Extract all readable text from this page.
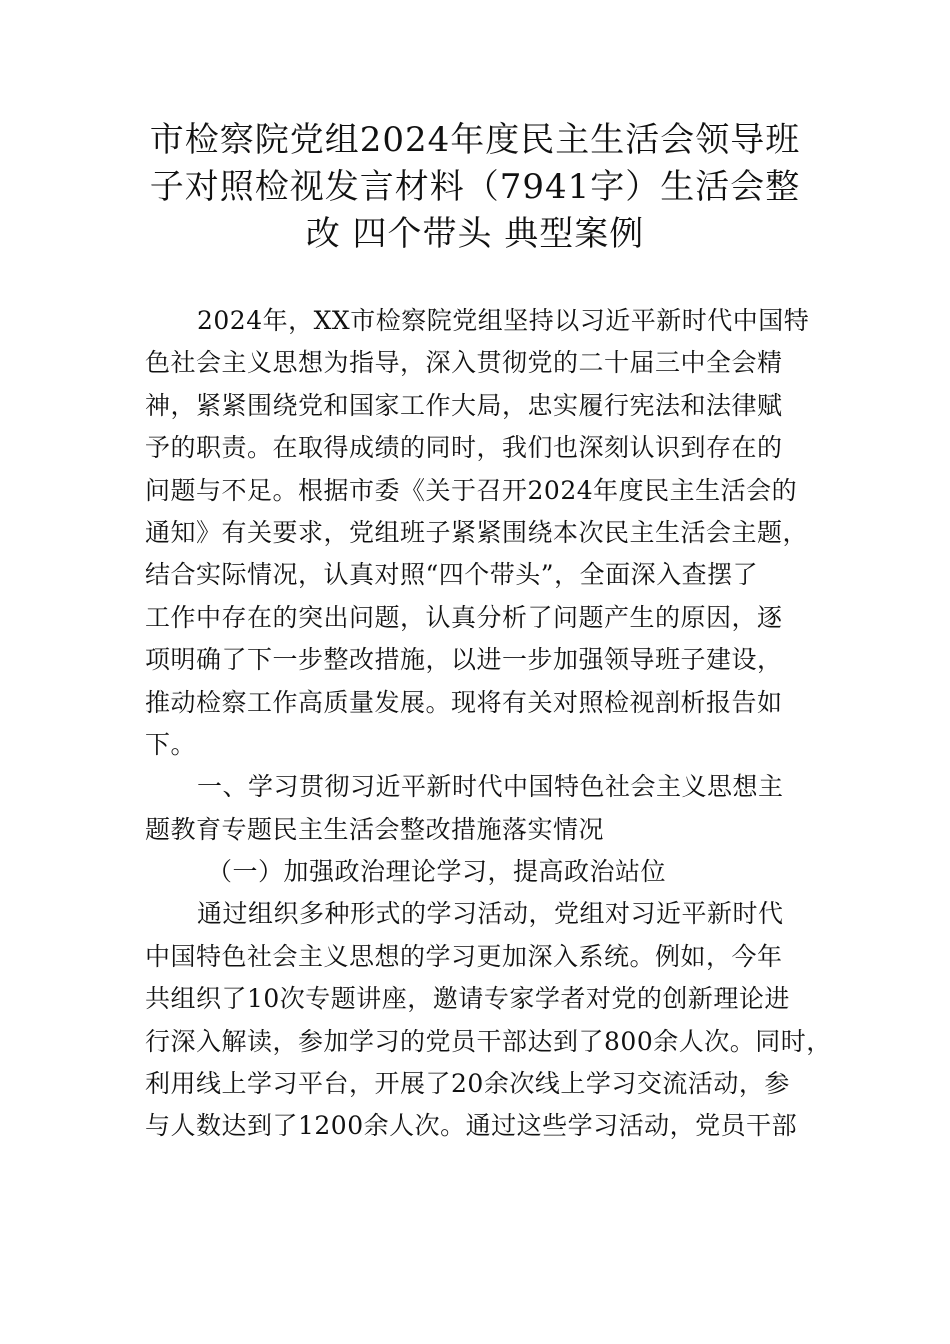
市检察院党组2024年度民主生活会领导班
子对照检视发言材料（7941字）生活会整
改 四个带头 典型案例
2024年，XX市检察院党组坚持以习近平新时代中国特
色社会主义思想为指导，深入贯彻党的二十届三中全会精
神，紧紧围绕党和国家工作大局，忠实履行宪法和法律赋
予的职责。在取得成绩的同时，我们也深刻认识到存在的
问题与不足。根据市委《关于召开2024年度民主生活会的
通知》有关要求，党组班子紧紧围绕本次民主生活会主题，
结合实际情况，认真对照“四个带头”，全面深入查摆了
工作中存在的突出问题，认真分析了问题产生的原因，逐
项明确了下一步整改措施，以进一步加强领导班子建设，
推动检察工作高质量发展。现将有关对照检视剖析报告如
下。
一、学习贯彻习近平新时代中国特色社会主义思想主
题教育专题民主生活会整改措施落实情况
（一）加强政治理论学习，提高政治站位
通过组织多种形式的学习活动，党组对习近平新时代
中国特色社会主义思想的学习更加深入系统。例如，今年
共组织了10次专题讲座，邀请专家学者对党的创新理论进
行深入解读，参加学习的党员干部达到了800余人次。同时，
利用线上学习平台，开展了20余次线上学习交流活动，参
与人数达到了1200余人次。通过这些学习活动，党员干部
